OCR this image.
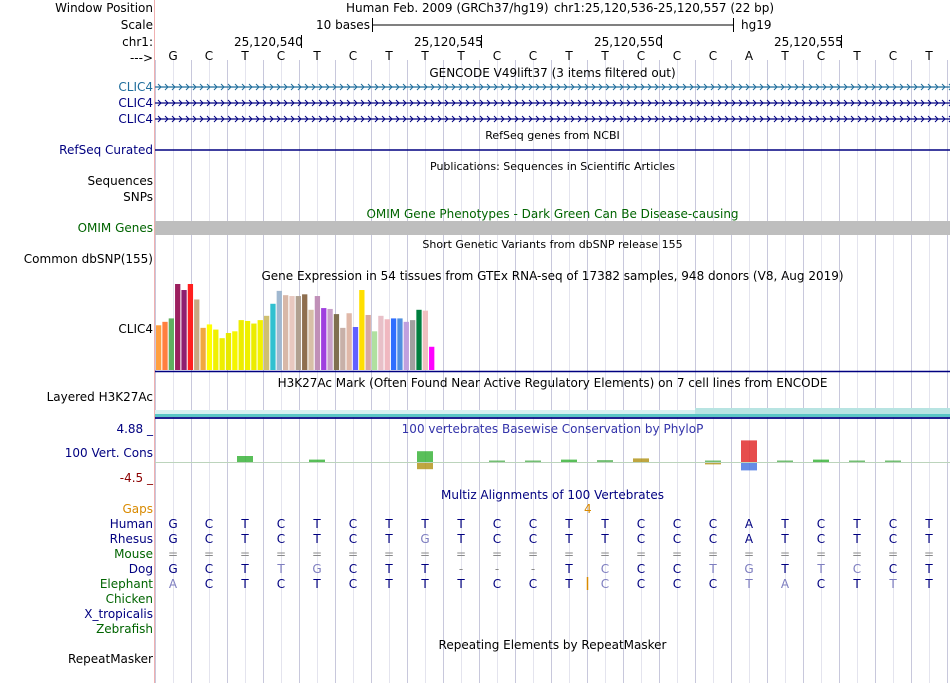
Window Position
Scale
chr1:
--->
CLIC4
CLIC4
CLIC4
RefSeq Curated
Sequences
SNPs
OMIM Genes
Common dbSNP(155)
CLIC4
Layered H3K27Ac
4.88 _
100 Vert. Cons
-4.5 _
Gaps
RepeatMasker
Human Feb. 2009 (GRCh37/hg19) chr1:25,120,536-25,120,557 (22 bp)
10 bases	hg19
25,120,540	25,120,545	25,120,550	25,120,555
G	C	T	C	T	C	T	T	T	C	C	T	T	C	C	C	A	T	C	T	C	T
GENCODE V49lift37 (3 items filtered out)
RefSeq genes from NCBI
Publications: Sequences in Scientific Articles
OMIM Gene Phenotypes - Dark Green Can Be Disease-causing
Short Genetic Variants from dbSNP release 155
Gene Expression in 54 tissues from GTEx RNA-seq of 17382 samples, 948 donors (V8, Aug 2019)
H3K27Ac Mark (Often Found Near Active Regulatory Elements) on 7 cell lines from ENCODE
100 vertebrates Basewise Conservation by PhyloP
Multiz Alignments of 100 Vertebrates
Repeating Elements by RepeatMasker
4
Human	G	C	T	C	T	C	T	T	T	C	C	T	T	C	C	C	A	T	C	T	C	T
Rhesus	G	C	T	C	T	C	T	G	T	C	C	T	T	C	C	C	A	T	C	T	C	T
Mouse	=	=	=	=	=	=	=	=	=	=	=	=	=	=	=	=	=	=	=	=	=	=
Dog	G	C	T	T	G	C	T	T	-	-	-	T	C	C	C	T	G	T	T	C	C	T
Elephant	A	C	T	C	T	C	T	T	T	C	C	T	C	C	C	C	T	A	C	T	T	T
Chicken
X_tropicalis
Zebrafish
